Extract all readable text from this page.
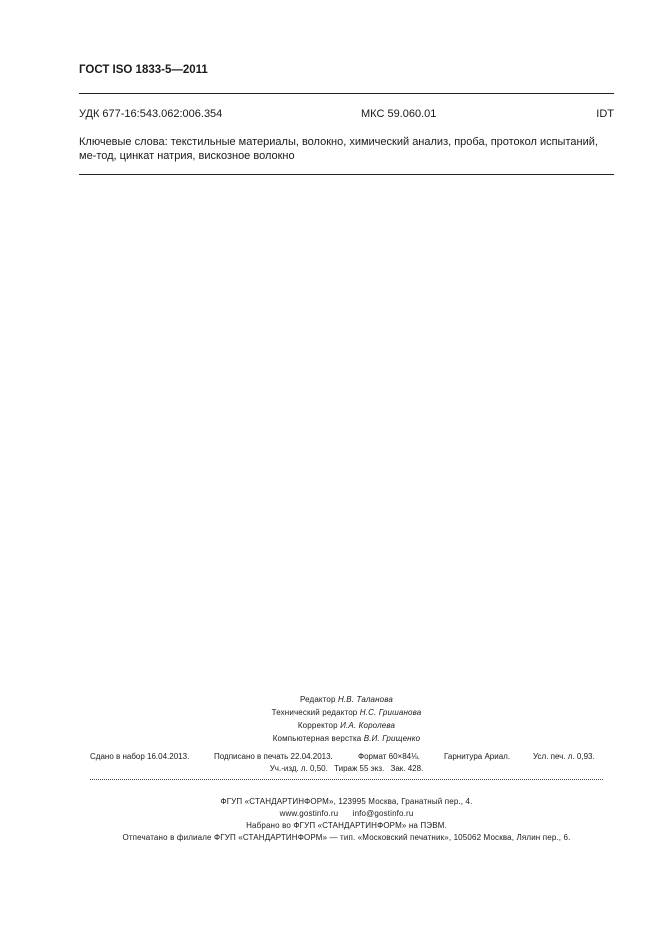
ГОСТ ISO 1833-5—2011
УДК 677-16:543.062:006.354	МКС 59.060.01	IDT
Ключевые слова: текстильные материалы, волокно, химический анализ, проба, протокол испытаний, ме-тод, цинкат натрия, вискозное волокно
Редактор Н.В. Таланова
Технический редактор Н.С. Гришанова
Корректор И.А. Королева
Компьютерная верстка В.И. Грищенко
Сдано в набор 16.04.2013.	Подписано в печать 22.04.2013.	Формат 60×84⅛.	Гарнитура Ариал.	Усл. печ. л. 0,93.
Уч.-изд. л. 0,50. Тираж 55 экз. Зак. 428.
ФГУП «СТАНДАРТИНФОРМ», 123995 Москва, Гранатный пер., 4.
www.gostinfo.ru info@gostinfo.ru
Набрано во ФГУП «СТАНДАРТИНФОРМ» на ПЭВМ.
Отпечатано в филиале ФГУП «СТАНДАРТИНФОРМ» — тип. «Московский печатник», 105062 Москва, Лялин пер., 6.
